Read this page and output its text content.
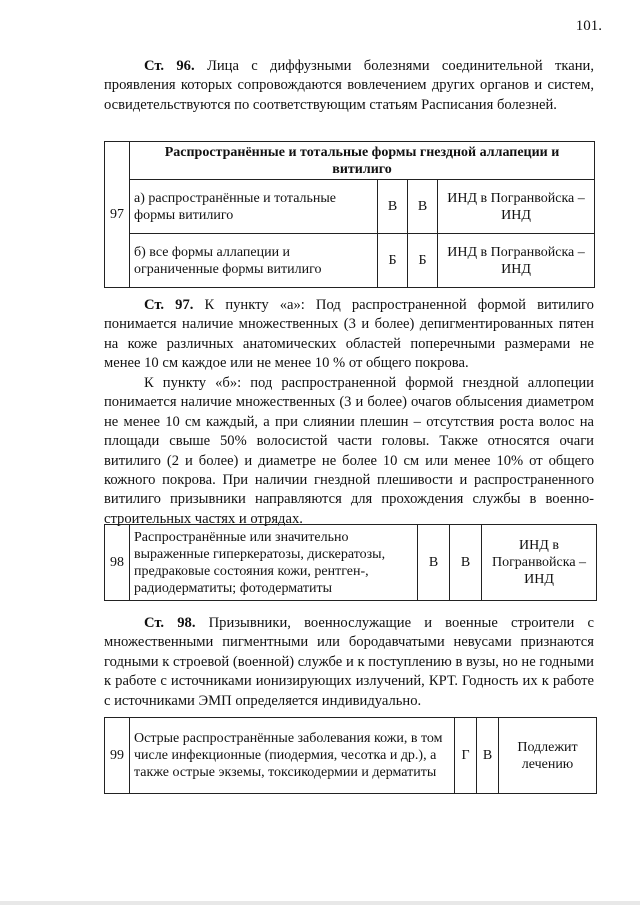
101.

Ст. 96. Лица с диффузными болезнями соединительной ткани, проявления которых сопровождаются вовлечением других органов и систем, освидетельствуются по соответствующим статьям Расписания болезней.

97	Распространённые и тотальные формы гнездной аллапеции и витилиго			
	а) распространённые и тотальные формы витилиго	В	В	ИНД в Погранвойска – ИНД
	б) все формы аллапеции и ограниченные формы витилиго	Б	Б	ИНД в Погранвойска – ИНД

Ст. 97. К пункту «а»: Под распространенной формой витилиго понимается наличие множественных (3 и более) депигментированных пятен на коже различных анатомических областей поперечными размерами не менее 10 см каждое или не менее 10 % от общего покрова.

К пункту «б»: под распространенной формой гнездной аллопеции понимается наличие множественных (3 и более) очагов облысения диаметром не менее 10 см каждый, а при слиянии плешин – отсутствия роста волос на площади свыше 50% волосистой части головы. Также относятся очаги витилиго (2 и более) и диаметре не более 10 см или менее 10% от общего кожного покрова. При наличии гнездной плешивости и распространенного витилиго призывники направляются для прохождения службы в военно-строительных частях и отрядах.

98	Распространённые или значительно выраженные гиперкератозы, дискератозы, предраковые состояния кожи, рентген-, радиодерматиты; фотодерматиты	В	В	ИНД в Погранвойска – ИНД

Ст. 98. Призывники, военнослужащие и военные строители с множественными пигментными или бородавчатыми невусами признаются годными к строевой (военной) службе и к поступлению в вузы, но не годными к работе с источниками ионизирующих излучений, КРТ. Годность их к работе с источниками ЭМП определяется индивидуально.

99	Острые распространённые заболевания кожи, в том числе инфекционные (пиодермия, чесотка и др.), а также острые экземы, токсикодермии и дерматиты	Г	В	Подлежит лечению
